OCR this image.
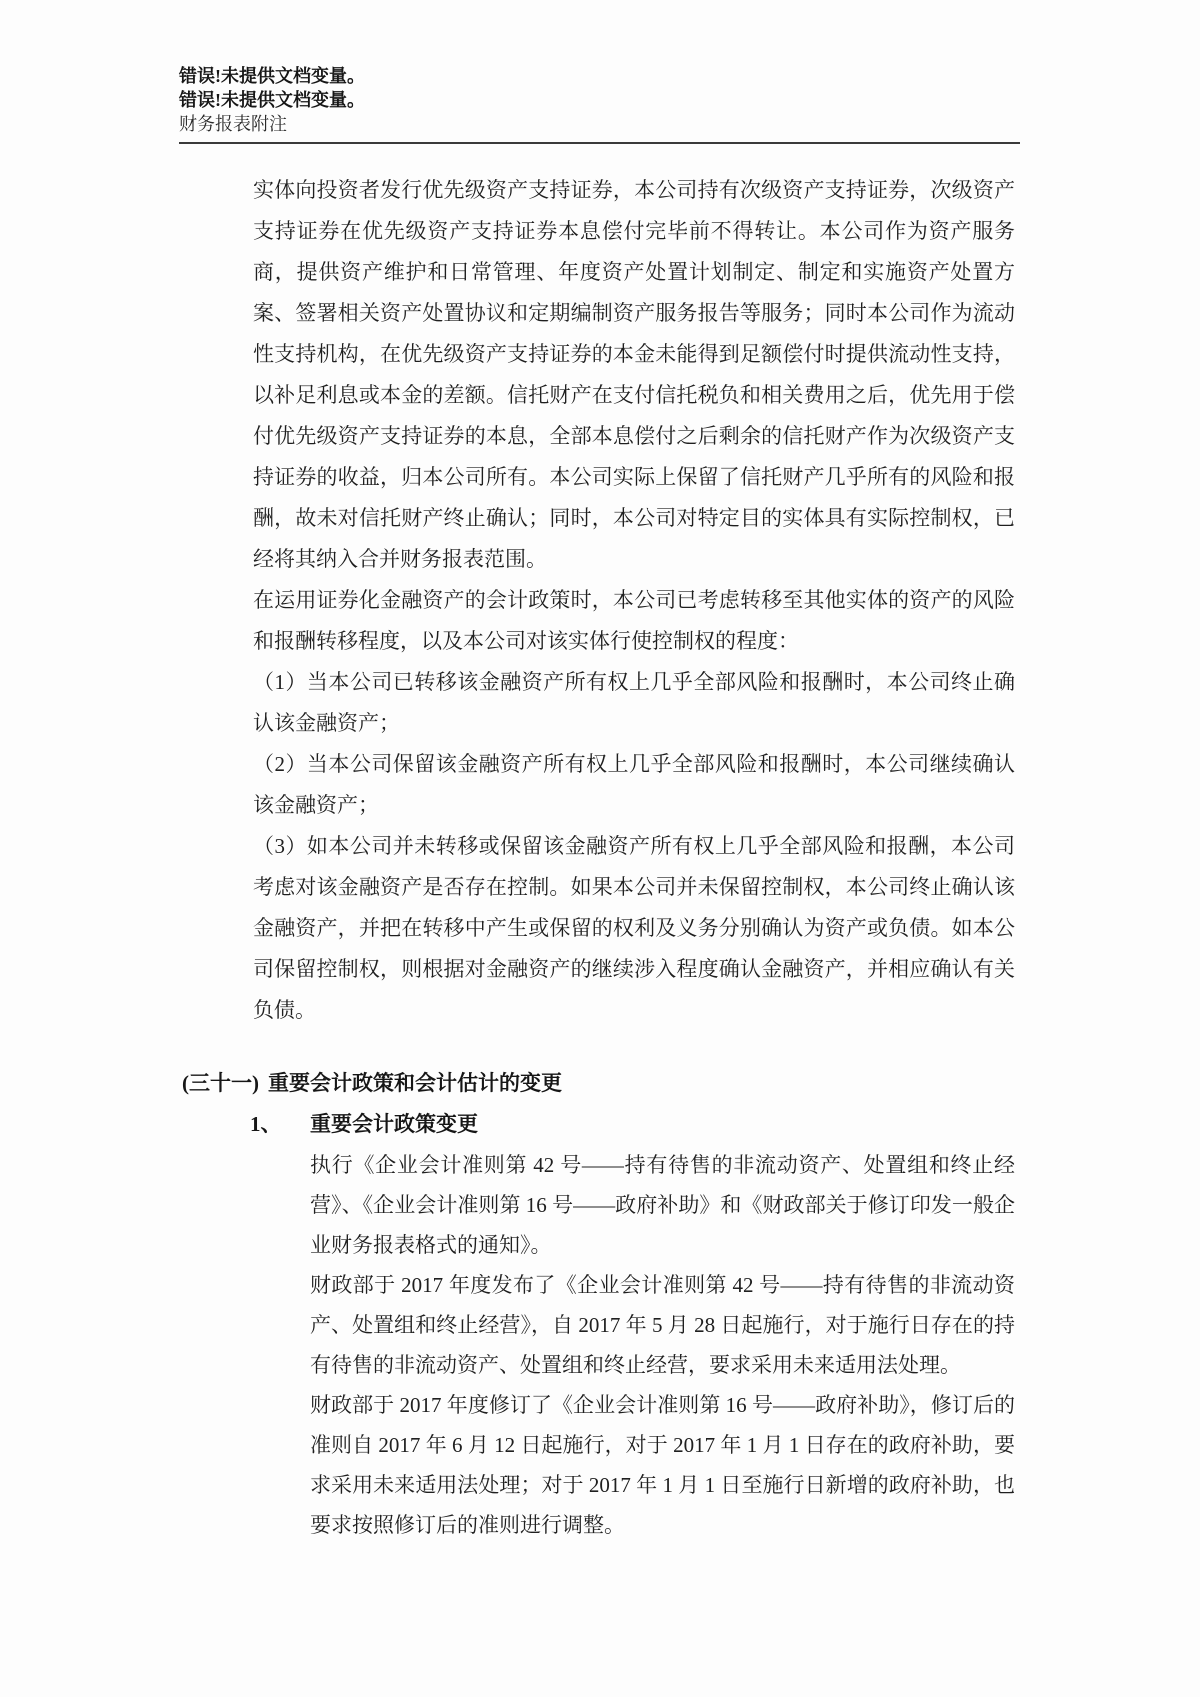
错误!未提供文档变量。
错误!未提供文档变量。
财务报表附注

实体向投资者发行优先级资产支持证券，本公司持有次级资产支持证券，次级资产支持证券在优先级资产支持证券本息偿付完毕前不得转让。本公司作为资产服务商，提供资产维护和日常管理、年度资产处置计划制定、制定和实施资产处置方案、签署相关资产处置协议和定期编制资产服务报告等服务；同时本公司作为流动性支持机构，在优先级资产支持证券的本金未能得到足额偿付时提供流动性支持，以补足利息或本金的差额。信托财产在支付信托税负和相关费用之后，优先用于偿付优先级资产支持证券的本息，全部本息偿付之后剩余的信托财产作为次级资产支持证券的收益，归本公司所有。本公司实际上保留了信托财产几乎所有的风险和报酬，故未对信托财产终止确认；同时，本公司对特定目的实体具有实际控制权，已经将其纳入合并财务报表范围。

在运用证券化金融资产的会计政策时，本公司已考虑转移至其他实体的资产的风险和报酬转移程度，以及本公司对该实体行使控制权的程度：

（1）当本公司已转移该金融资产所有权上几乎全部风险和报酬时，本公司终止确认该金融资产；

（2）当本公司保留该金融资产所有权上几乎全部风险和报酬时，本公司继续确认该金融资产；

（3）如本公司并未转移或保留该金融资产所有权上几乎全部风险和报酬，本公司考虑对该金融资产是否存在控制。如果本公司并未保留控制权，本公司终止确认该金融资产，并把在转移中产生或保留的权利及义务分别确认为资产或负债。如本公司保留控制权，则根据对金融资产的继续涉入程度确认金融资产，并相应确认有关负债。

(三十一) 重要会计政策和会计估计的变更
1、	重要会计政策变更

执行《企业会计准则第 42 号——持有待售的非流动资产、处置组和终止经营》、《企业会计准则第 16 号——政府补助》和《财政部关于修订印发一般企业财务报表格式的通知》。

财政部于 2017 年度发布了《企业会计准则第 42 号——持有待售的非流动资产、处置组和终止经营》，自 2017 年 5 月 28 日起施行，对于施行日存在的持有待售的非流动资产、处置组和终止经营，要求采用未来适用法处理。

财政部于 2017 年度修订了《企业会计准则第 16 号——政府补助》，修订后的准则自 2017 年 6 月 12 日起施行，对于 2017 年 1 月 1 日存在的政府补助，要求采用未来适用法处理；对于 2017 年 1 月 1 日至施行日新增的政府补助，也要求按照修订后的准则进行调整。
